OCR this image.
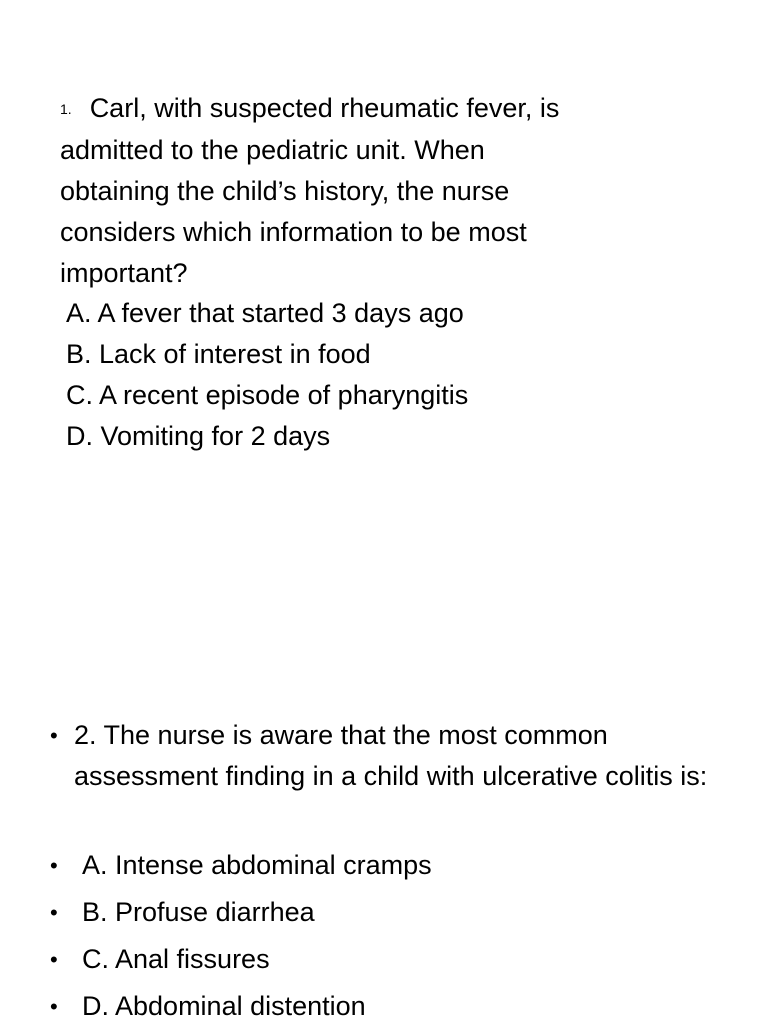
1. Carl, with suspected rheumatic fever, is admitted to the pediatric unit. When obtaining the child’s history, the nurse considers which information to be most important?
A. A fever that started 3 days ago
B. Lack of interest in food
C. A recent episode of pharyngitis
D. Vomiting for 2 days
• 2. The nurse is aware that the most common assessment finding in a child with ulcerative colitis is:
• A. Intense abdominal cramps
• B. Profuse diarrhea
• C. Anal fissures
• D. Abdominal distention
